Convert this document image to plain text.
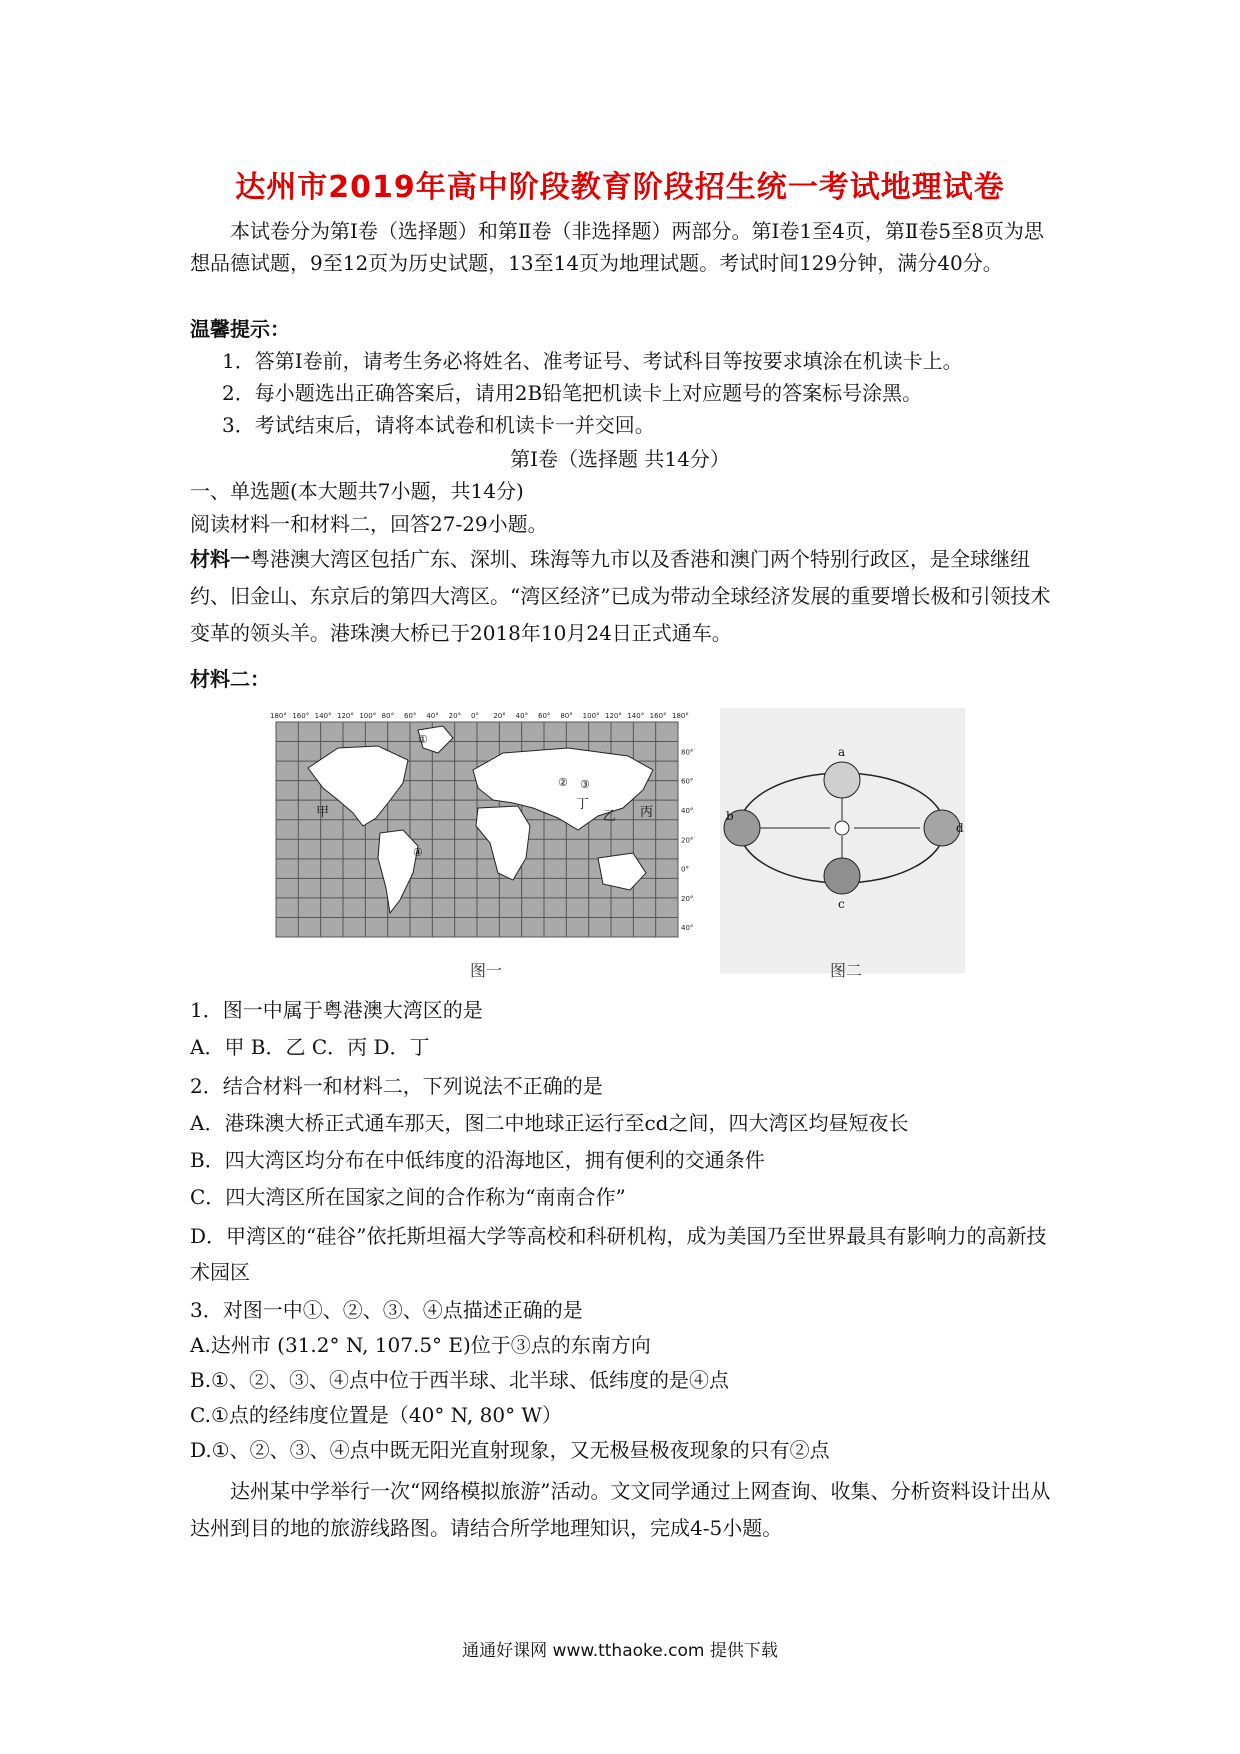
达州市2019年高中阶段教育阶段招生统一考试地理试卷

本试卷分为第Ⅰ卷（选择题）和第Ⅱ卷（非选择题）两部分。第Ⅰ卷1至4页，第Ⅱ卷5至8页为思想品德试题，9至12页为历史试题，13至14页为地理试题。考试时间129分钟，满分40分。

温馨提示：

1．答第Ⅰ卷前，请考生务必将姓名、准考证号、考试科目等按要求填涂在机读卡上。

2．每小题选出正确答案后，请用2B铅笔把机读卡上对应题号的答案标号涂黑。

3．考试结束后，请将本试卷和机读卡一并交回。

第Ⅰ卷（选择题 共14分）

一、单选题(本大题共7小题，共14分)

阅读材料一和材料二，回答27-29小题。

材料一粤港澳大湾区包括广东、深圳、珠海等九市以及香港和澳门两个特别行政区，是全球继纽约、旧金山、东京后的第四大湾区。“湾区经济”已成为带动全球经济发展的重要增长极和引领技术变革的领头羊。港珠澳大桥已于2018年10月24日正式通车。

材料二：

甲	乙 丙
丁
①
② ③
④
180° 160° 140° 120° 100° 80° 60° 40° 20° 0° 20° 40° 60° 80° 100° 120° 140° 160° 180°
80°
60°
40°
20°
0°
20°
40°
图一
a
b
c
d
图二

1．图一中属于粤港澳大湾区的是

A．甲 B．乙 C．丙 D．丁

2．结合材料一和材料二，下列说法不正确的是

A．港珠澳大桥正式通车那天，图二中地球正运行至cd之间，四大湾区均昼短夜长

B．四大湾区均分布在中低纬度的沿海地区，拥有便利的交通条件

C．四大湾区所在国家之间的合作称为“南南合作”

D．甲湾区的“硅谷”依托斯坦福大学等高校和科研机构，成为美国乃至世界最具有影响力的高新技术园区

3．对图一中①、②、③、④点描述正确的是

A.达州市 (31.2° N, 107.5° E)位于③点的东南方向

B.①、②、③、④点中位于西半球、北半球、低纬度的是④点

C.①点的经纬度位置是（40° N, 80° W）

D.①、②、③、④点中既无阳光直射现象，又无极昼极夜现象的只有②点

达州某中学举行一次“网络模拟旅游”活动。文文同学通过上网查询、收集、分析资料设计出从达州到目的地的旅游线路图。请结合所学地理知识，完成4-5小题。

通通好课网 www.tthaoke.com 提供下载
